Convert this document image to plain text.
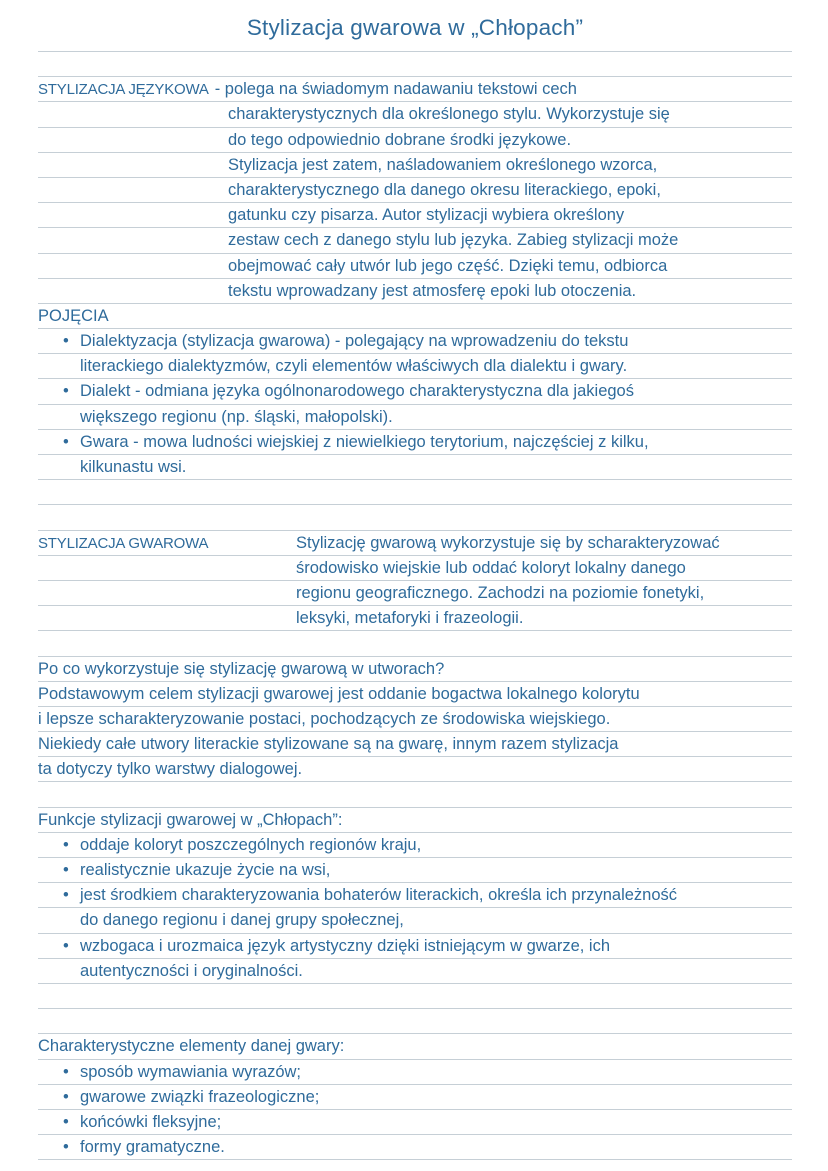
Stylizacja gwarowa w „Chłopach”
STYLIZACJA JĘZYKOWA - polega na świadomym nadawaniu tekstowi cech
charakterystycznych dla określonego stylu. Wykorzystuje się
do tego odpowiednio dobrane środki językowe.
Stylizacja jest zatem, naśladowaniem określonego wzorca,
charakterystycznego dla danego okresu literackiego, epoki,
gatunku czy pisarza. Autor stylizacji wybiera określony
zestaw cech z danego stylu lub języka. Zabieg stylizacji może
obejmować cały utwór lub jego część. Dzięki temu, odbiorca
tekstu wprowadzany jest atmosferę epoki lub otoczenia.
POJĘCIA
• Dialektyzacja (stylizacja gwarowa) - polegający na wprowadzeniu do tekstu
literackiego dialektyzmów, czyli elementów właściwych dla dialektu i gwary.
• Dialekt - odmiana języka ogólnonarodowego charakterystyczna dla jakiegoś
większego regionu (np. śląski, małopolski).
• Gwara - mowa ludności wiejskiej z niewielkiego terytorium, najczęściej z kilku,
kilkunastu wsi.
STYLIZACJA GWAROWA	Stylizację gwarową wykorzystuje się by scharakteryzować
środowisko wiejskie lub oddać koloryt lokalny danego
regionu geograficznego. Zachodzi na poziomie fonetyki,
leksyki, metaforyki i frazeologii.
Po co wykorzystuje się stylizację gwarową w utworach?
Podstawowym celem stylizacji gwarowej jest oddanie bogactwa lokalnego kolorytu
i lepsze scharakteryzowanie postaci, pochodzących ze środowiska wiejskiego.
Niekiedy całe utwory literackie stylizowane są na gwarę, innym razem stylizacja
ta dotyczy tylko warstwy dialogowej.
Funkcje stylizacji gwarowej w „Chłopach”:
• oddaje koloryt poszczególnych regionów kraju,
• realistycznie ukazuje życie na wsi,
• jest środkiem charakteryzowania bohaterów literackich, określa ich przynależność
do danego regionu i danej grupy społecznej,
• wzbogaca i urozmaica język artystyczny dzięki istniejącym w gwarze, ich
autentyczności i oryginalności.
Charakterystyczne elementy danej gwary:
• sposób wymawiania wyrazów;
• gwarowe związki frazeologiczne;
• końcówki fleksyjne;
• formy gramatyczne.
